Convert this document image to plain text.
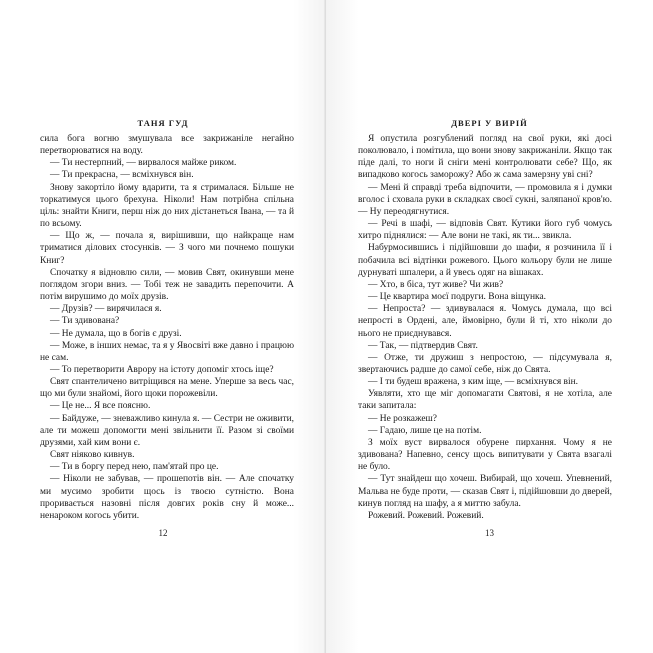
ТАНЯ ГУД

сила бога вогню змушувала все закрижаніле негайно перетворюватися на воду.

— Ти нестерпний, — вирвалося майже риком.

— Ти прекрасна, — всміхнувся він.

Знову закортіло йому вдарити, та я стрималася. Більше не торкатимуся цього брехуна. Ніколи! Нам потрібна спільна ціль: знайти Книги, перш ніж до них дістанеться Івана, — та й по всьому.

— Що ж, — почала я, вирішивши, що найкраще нам триматися ділових стосунків. — З чого ми почнемо пошуки Книг?

Спочатку я відновлю сили, — мовив Свят, окинувши мене поглядом згори вниз. — Тобі теж не завадить перепочити. А потім вирушимо до моїх друзів.

— Друзів? — вирячилася я.

— Ти здивована?

— Не думала, що в богів є друзі.

— Може, в інших немає, та я у Явосвіті вже давно і працюю не сам.

— То перетворити Аврору на істоту допоміг хтось іще?

Свят спантеличено витріщився на мене. Уперше за весь час, що ми були знайомі, його щоки порожевіли.

— Це не... Я все поясню.

— Байдуже, — зневажливо кинула я. — Сестри не оживити, але ти можеш допомогти мені звільнити її. Разом зі своїми друзями, хай ким вони є.

Свят ніяково кивнув.

— Ти в боргу перед нею, пам'ятай про це.

— Ніколи не забував, — прошепотів він. — Але спочатку ми мусимо зробити щось із твоєю сутністю. Вона проривається назовні після довгих років сну й може... ненароком когось убити.

12
ДВЕРІ У ВИРІЙ

Я опустила розгублений погляд на свої руки, які досі поколювало, і помітила, що вони знову закрижаніли. Якщо так піде далі, то ноги й сніги мені контролювати себе? Що, як випадково когось заморожу? Або ж сама замерзну уві сні?

— Мені й справді треба відпочити, — промовила я і думки вголос і сховала руки в складках своєї сукні, заляпаної кров'ю. — Ну переодягнутися.

— Речі в шафі, — відповів Свят. Кутики його губ чомусь хитро піднялися: — Але вони не такі, як ти... звикла.

Набурмосившись і підійшовши до шафи, я розчинила її і побачила всі відтінки рожевого. Цього кольору були не лише дурнуваті шпалери, а й увесь одяг на вішаках.

— Хто, в біса, тут живе? Чи жив?

— Це квартира моєї подруги. Вона віщунка.

— Непроста? — здивувалася я. Чомусь думала, що всі непрості в Ордені, але, ймовірно, були й ті, хто ніколи до нього не приєднувався.

— Так, — підтвердив Свят.

— Отже, ти дружиш з непростою, — підсумувала я, звертаючись радше до самої себе, ніж до Свята.

— І ти будеш вражена, з ким іще, — всміхнувся він.

Уявляти, хто ще міг допомагати Святові, я не хотіла, але таки запитала:

— Не розкажеш?

— Гадаю, лише це на потім.

З моїх вуст вирвалося обурене пирхання. Чому я не здивована? Напевно, сенсу щось випитувати у Свята взагалі не було.

— Тут знайдеш що хочеш. Вибирай, що хочеш. Упевнений, Мальва не буде проти, — сказав Свят і, підійшовши до дверей, кинув погляд на шафу, а я миттю забула.

Рожевий. Рожевий. Рожевий.

13
